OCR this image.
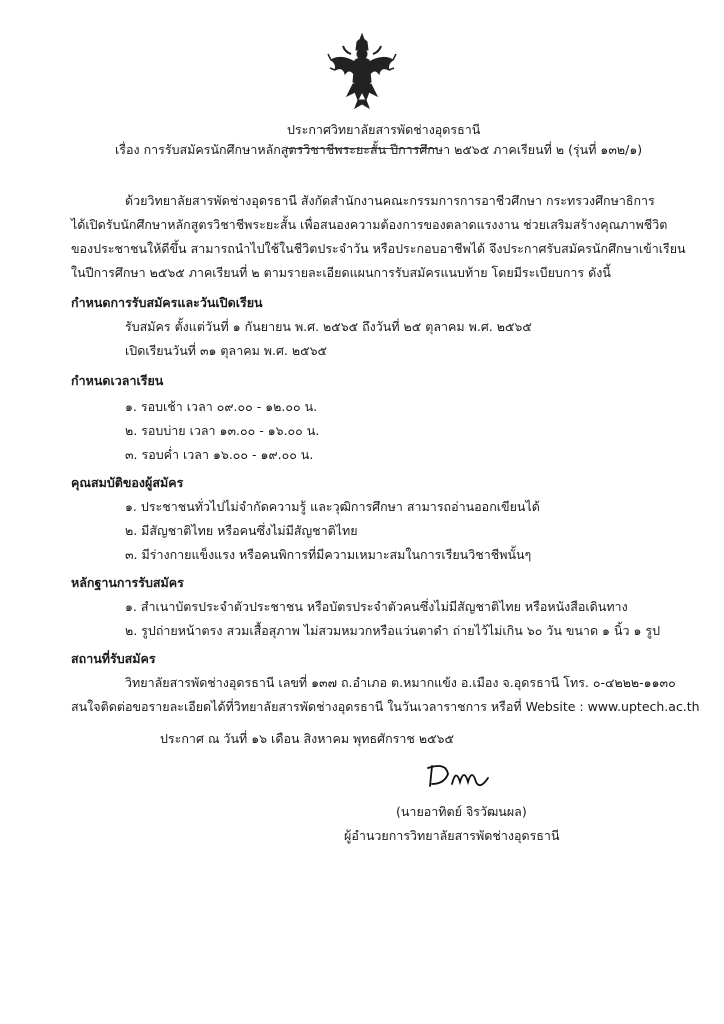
ประกาศวิทยาลัยสารพัดช่างอุดรธานี
เรื่อง การรับสมัครนักศึกษาหลักสูตรวิชาชีพระยะสั้น ปีการศึกษา ๒๕๖๕ ภาคเรียนที่ ๒ (รุ่นที่ ๑๓๒/๑)
ด้วยวิทยาลัยสารพัดช่างอุดรธานี สังกัดสำนักงานคณะกรรมการการอาชีวศึกษา กระทรวงศึกษาธิการ
ได้เปิดรับนักศึกษาหลักสูตรวิชาชีพระยะสั้น เพื่อสนองความต้องการของตลาดแรงงาน ช่วยเสริมสร้างคุณภาพชีวิต
ของประชาชนให้ดีขึ้น สามารถนำไปใช้ในชีวิตประจำวัน หรือประกอบอาชีพได้ จึงประกาศรับสมัครนักศึกษาเข้าเรียน
ในปีการศึกษา ๒๕๖๕ ภาคเรียนที่ ๒ ตามรายละเอียดแผนการรับสมัครแนบท้าย โดยมีระเบียบการ ดังนี้
กำหนดการรับสมัครและวันเปิดเรียน
รับสมัคร ตั้งแต่วันที่ ๑ กันยายน พ.ศ. ๒๕๖๕ ถึงวันที่ ๒๕ ตุลาคม พ.ศ. ๒๕๖๕
เปิดเรียนวันที่ ๓๑ ตุลาคม พ.ศ. ๒๕๖๕
กำหนดเวลาเรียน
๑. รอบเช้า เวลา ๐๙.๐๐ - ๑๒.๐๐ น.
๒. รอบบ่าย เวลา ๑๓.๐๐ - ๑๖.๐๐ น.
๓. รอบค่ำ เวลา ๑๖.๐๐ - ๑๙.๐๐ น.
คุณสมบัติของผู้สมัคร
๑. ประชาชนทั่วไปไม่จำกัดความรู้ และวุฒิการศึกษา สามารถอ่านออกเขียนได้
๒. มีสัญชาติไทย หรือคนซึ่งไม่มีสัญชาติไทย
๓. มีร่างกายแข็งแรง หรือคนพิการที่มีความเหมาะสมในการเรียนวิชาชีพนั้นๆ
หลักฐานการรับสมัคร
๑. สำเนาบัตรประจำตัวประชาชน หรือบัตรประจำตัวคนซึ่งไม่มีสัญชาติไทย หรือหนังสือเดินทาง
๒. รูปถ่ายหน้าตรง สวมเสื้อสุภาพ ไม่สวมหมวกหรือแว่นตาดำ ถ่ายไว้ไม่เกิน ๖๐ วัน ขนาด ๑ นิ้ว ๑ รูป
สถานที่รับสมัคร
วิทยาลัยสารพัดช่างอุดรธานี เลขที่ ๑๓๗ ถ.อำเภอ ต.หมากแข้ง อ.เมือง จ.อุดรธานี โทร. ๐-๔๒๒๒-๑๑๓๐
สนใจติดต่อขอรายละเอียดได้ที่วิทยาลัยสารพัดช่างอุดรธานี ในวันเวลาราชการ หรือที่ Website : www.uptech.ac.th
ประกาศ ณ วันที่ ๑๖ เดือน สิงหาคม พุทธศักราช ๒๕๖๕
(นายอาทิตย์ จิรวัฒนผล)
ผู้อำนวยการวิทยาลัยสารพัดช่างอุดรธานี
